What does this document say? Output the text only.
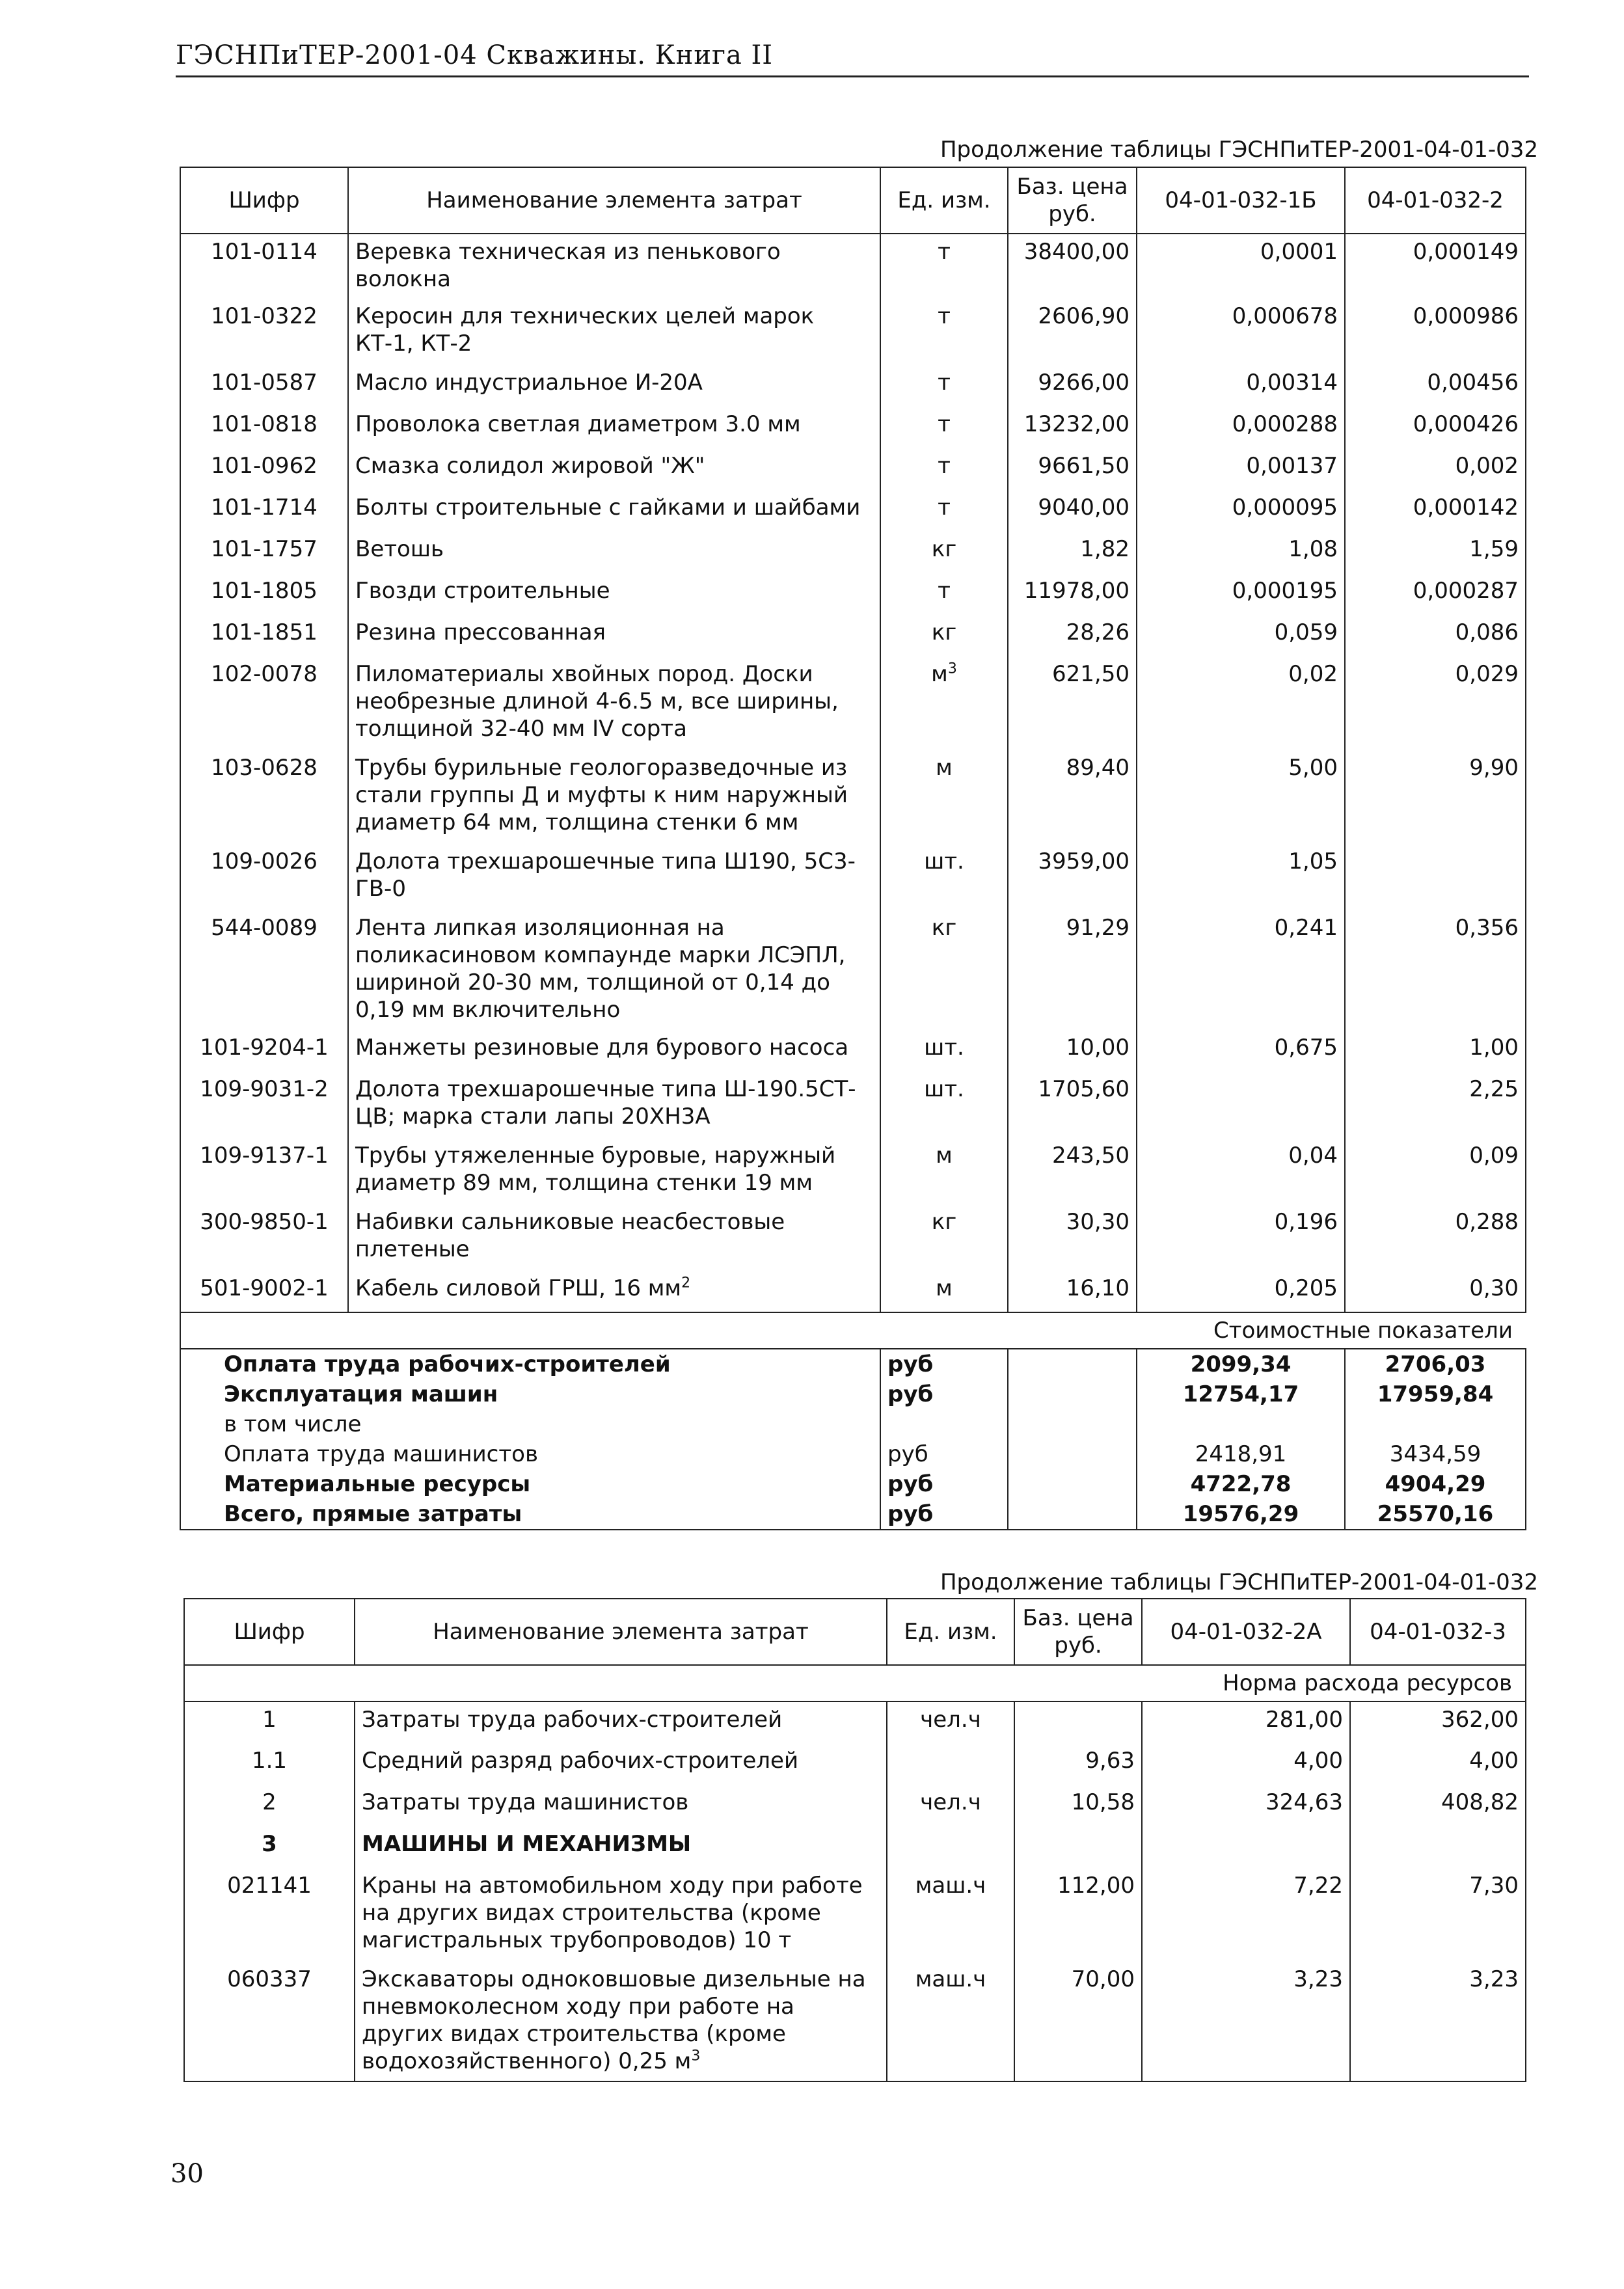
ГЭСНПиТЕР-2001-04 Скважины. Книга II
Продолжение таблицы ГЭСНПиТЕР-2001-04-01-032
Шифр	Наименование элемента затрат	Ед. изм.	Баз. цена руб.	04-01-032-1Б	04-01-032-2
101-0114	Веревка техническая из пенькового волокна	т	38400,00	0,0001	0,000149
101-0322	Керосин для технических целей марок КТ-1, КТ-2	т	2606,90	0,000678	0,000986
101-0587	Масло индустриальное И-20А	т	9266,00	0,00314	0,00456
101-0818	Проволока светлая диаметром 3.0 мм	т	13232,00	0,000288	0,000426
101-0962	Смазка солидол жировой "Ж"	т	9661,50	0,00137	0,002
101-1714	Болты строительные с гайками и шайбами	т	9040,00	0,000095	0,000142
101-1757	Ветошь	кг	1,82	1,08	1,59
101-1805	Гвозди строительные	т	11978,00	0,000195	0,000287
101-1851	Резина прессованная	кг	28,26	0,059	0,086
102-0078	Пиломатериалы хвойных пород. Доски необрезные длиной 4-6.5 м, все ширины, толщиной 32-40 мм IV сорта	$м^3$	621,50	0,02	0,029
103-0628	Трубы бурильные геологоразведочные из стали группы Д и муфты к ним наружный диаметр 64 мм, толщина стенки 6 мм	м	89,40	5,00	9,90
109-0026	Долота трехшарошечные типа Ш190, 5С3-ГВ-0	шт.	3959,00	1,05	
544-0089	Лента липкая изоляционная на поликасиновом компаунде марки ЛСЭПЛ, шириной 20-30 мм, толщиной от 0,14 до 0,19 мм включительно	кг	91,29	0,241	0,356
101-9204-1	Манжеты резиновые для бурового насоса	шт.	10,00	0,675	1,00
109-9031-2	Долота трехшарошечные типа Ш-190.5СТ-ЦВ; марка стали лапы 20ХН3А	шт.	1705,60		2,25
109-9137-1	Трубы утяжеленные буровые, наружный диаметр 89 мм, толщина стенки 19 мм	м	243,50	0,04	0,09
300-9850-1	Набивки сальниковые неасбестовые плетеные	кг	30,30	0,196	0,288
501-9002-1	Кабель силовой ГРШ, 16 $мм^2$	м	16,10	0,205	0,30
Стоимостные показатели					
Оплата труда рабочих-строителей		руб		2099,34	2706,03
Эксплуатация машин		руб		12754,17	17959,84
в том числе					
Оплата труда машинистов		руб		2418,91	3434,59
Материальные ресурсы		руб		4722,78	4904,29
Всего, прямые затраты		руб		19576,29	25570,16
Продолжение таблицы ГЭСНПиТЕР-2001-04-01-032
Шифр	Наименование элемента затрат	Ед. изм.	Баз. цена руб.	04-01-032-2А	04-01-032-3
Норма расхода ресурсов					
1	Затраты труда рабочих-строителей	чел.ч		281,00	362,00
1.1	Средний разряд рабочих-строителей		9,63	4,00	4,00
2	Затраты труда машинистов	чел.ч	10,58	324,63	408,82
3	МАШИНЫ И МЕХАНИЗМЫ				
021141	Краны на автомобильном ходу при работе на других видах строительства (кроме магистральных трубопроводов) 10 т	маш.ч	112,00	7,22	7,30
060337	Экскаваторы одноковшовые дизельные на пневмоколесном ходу при работе на других видах строительства (кроме водохозяйственного) 0,25 $м^3$	маш.ч	70,00	3,23	3,23
30
